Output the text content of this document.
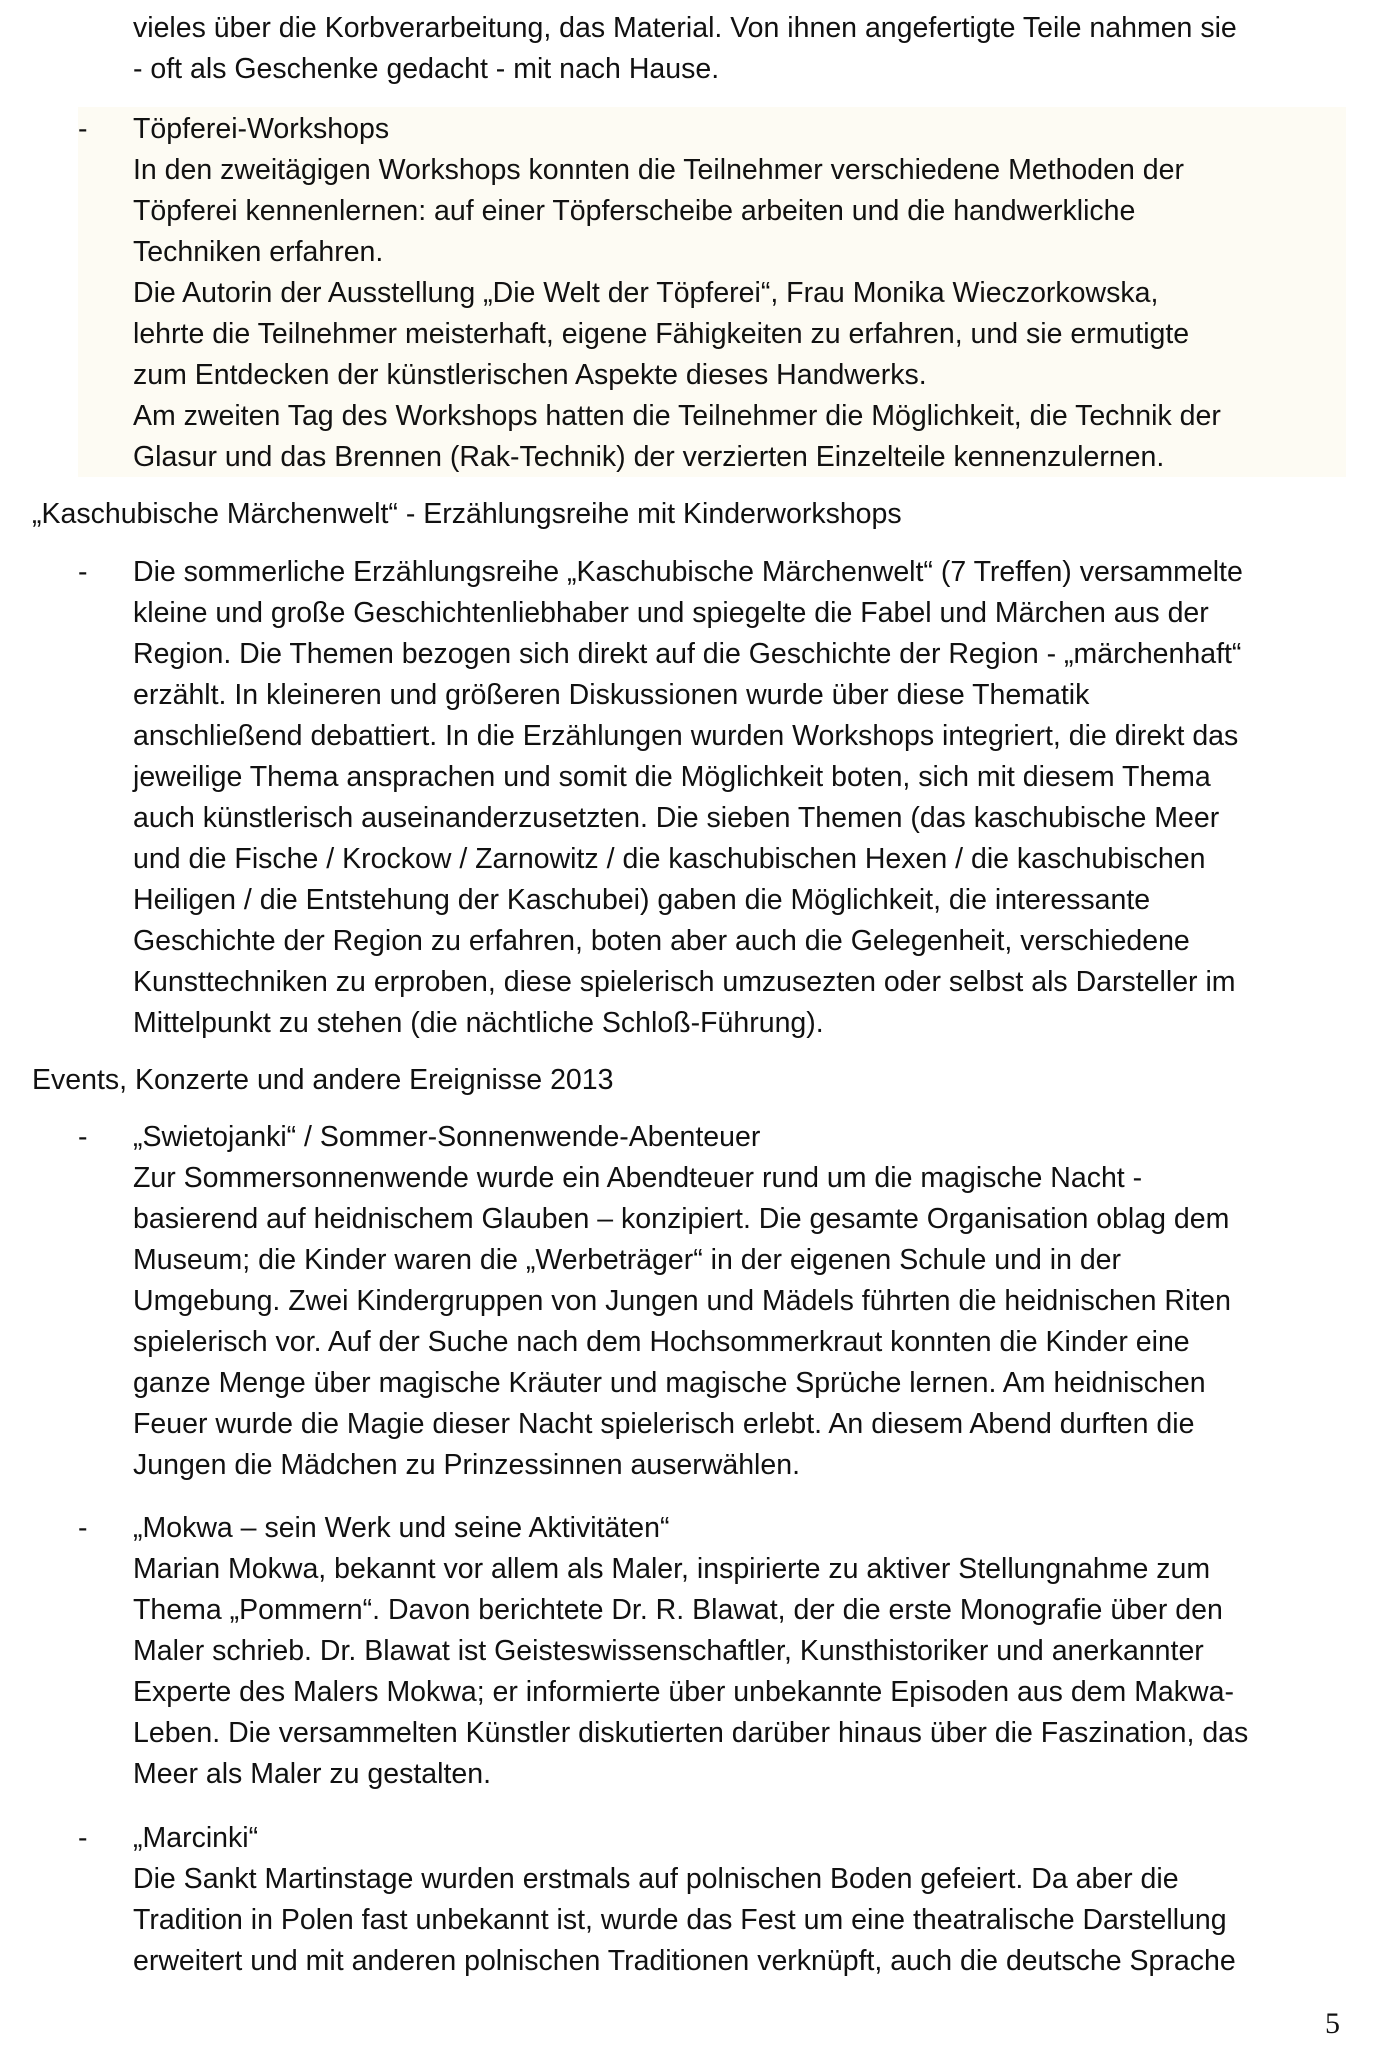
vieles über die Korbverarbeitung, das Material. Von ihnen angefertigte Teile nahmen sie
- oft als Geschenke gedacht - mit nach Hause.
-	Töpferei-Workshops
In den zweitägigen Workshops konnten die Teilnehmer verschiedene Methoden der
Töpferei kennenlernen: auf einer Töpferscheibe arbeiten und die handwerkliche
Techniken erfahren.
Die Autorin der Ausstellung „Die Welt der Töpferei“, Frau Monika Wieczorkowska,
lehrte die Teilnehmer meisterhaft, eigene Fähigkeiten zu erfahren, und sie ermutigte
zum Entdecken der künstlerischen Aspekte dieses Handwerks.
Am zweiten Tag des Workshops hatten die Teilnehmer die Möglichkeit, die Technik der
Glasur und das Brennen (Rak-Technik) der verzierten Einzelteile kennenzulernen.
„Kaschubische Märchenwelt“ - Erzählungsreihe mit Kinderworkshops
-	Die sommerliche Erzählungsreihe „Kaschubische Märchenwelt“ (7 Treffen) versammelte
kleine und große Geschichtenliebhaber und spiegelte die Fabel und Märchen aus der
Region. Die Themen bezogen sich direkt auf die Geschichte der Region - „märchenhaft“
erzählt. In kleineren und größeren Diskussionen wurde über diese Thematik
anschließend debattiert. In die Erzählungen wurden Workshops integriert, die direkt das
jeweilige Thema ansprachen und somit die Möglichkeit boten, sich mit diesem Thema
auch künstlerisch auseinanderzusetzten. Die sieben Themen (das kaschubische Meer
und die Fische / Krockow / Zarnowitz / die kaschubischen Hexen / die kaschubischen
Heiligen / die Entstehung der Kaschubei) gaben die Möglichkeit, die interessante
Geschichte der Region zu erfahren, boten aber auch die Gelegenheit, verschiedene
Kunsttechniken zu erproben, diese spielerisch umzusezten oder selbst als Darsteller im
Mittelpunkt zu stehen (die nächtliche Schloß-Führung).
Events, Konzerte und andere Ereignisse 2013
-	„Swietojanki“ / Sommer-Sonnenwende-Abenteuer
Zur Sommersonnenwende wurde ein Abendteuer rund um die magische Nacht -
basierend auf heidnischem Glauben – konzipiert. Die gesamte Organisation oblag dem
Museum; die Kinder waren die „Werbeträger“ in der eigenen Schule und in der
Umgebung. Zwei Kindergruppen von Jungen und Mädels führten die heidnischen Riten
spielerisch vor. Auf der Suche nach dem Hochsommerkraut konnten die Kinder eine
ganze Menge über magische Kräuter und magische Sprüche lernen. Am heidnischen
Feuer wurde die Magie dieser Nacht spielerisch erlebt. An diesem Abend durften die
Jungen die Mädchen zu Prinzessinnen auserwählen.
-	„Mokwa – sein Werk und seine Aktivitäten“
Marian Mokwa, bekannt vor allem als Maler, inspirierte zu aktiver Stellungnahme zum
Thema „Pommern“. Davon berichtete Dr. R. Blawat, der die erste Monografie über den
Maler schrieb. Dr. Blawat ist Geisteswissenschaftler, Kunsthistoriker und anerkannter
Experte des Malers Mokwa; er informierte über unbekannte Episoden aus dem Makwa-
Leben. Die versammelten Künstler diskutierten darüber hinaus über die Faszination, das
Meer als Maler zu gestalten.
-	„Marcinki“
Die Sankt Martinstage wurden erstmals auf polnischen Boden gefeiert. Da aber die
Tradition in Polen fast unbekannt ist, wurde das Fest um eine theatralische Darstellung
erweitert und mit anderen polnischen Traditionen verknüpft, auch die deutsche Sprache
5
